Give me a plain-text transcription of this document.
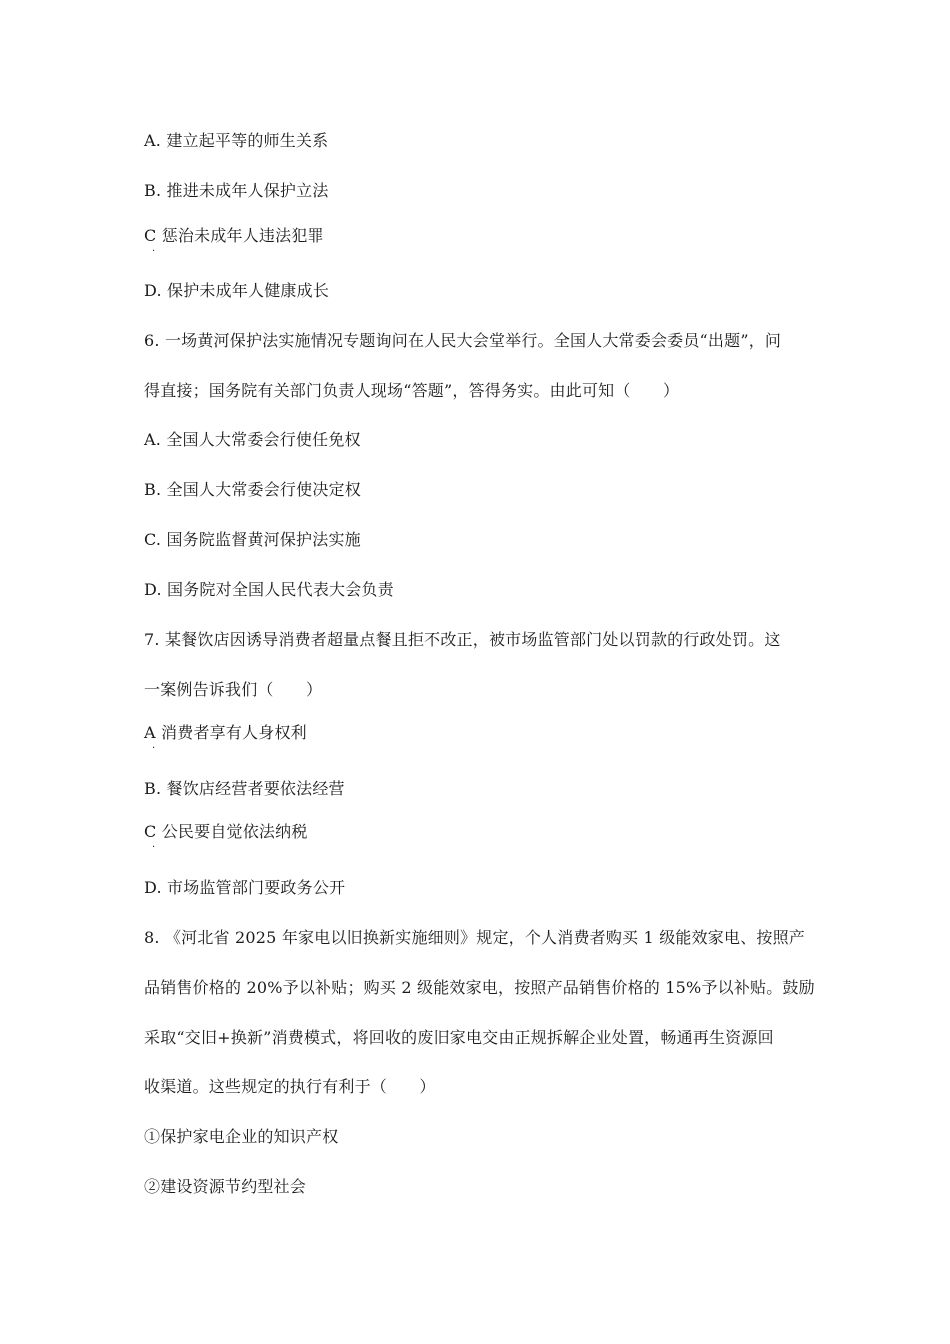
A. 建立起平等的师生关系
B. 推进未成年人保护立法
C 惩治未成年人违法犯罪
·
D. 保护未成年人健康成长
6. 一场黄河保护法实施情况专题询问在人民大会堂举行。全国人大常委会委员“出题”，问
得直接；国务院有关部门负责人现场“答题”，答得务实。由此可知（　　）
A. 全国人大常委会行使任免权
B. 全国人大常委会行使决定权
C. 国务院监督黄河保护法实施
D. 国务院对全国人民代表大会负责
7. 某餐饮店因诱导消费者超量点餐且拒不改正，被市场监管部门处以罚款的行政处罚。这
一案例告诉我们（　　）
A 消费者享有人身权利
·
B. 餐饮店经营者要依法经营
C 公民要自觉依法纳税
·
D. 市场监管部门要政务公开
8. 《河北省 2025 年家电以旧换新实施细则》规定，个人消费者购买 1 级能效家电、按照产
品销售价格的 20%予以补贴；购买 2 级能效家电，按照产品销售价格的 15%予以补贴。鼓励
采取“交旧+换新”消费模式，将回收的废旧家电交由正规拆解企业处置，畅通再生资源回
收渠道。这些规定的执行有利于（　　）
①保护家电企业的知识产权
②建设资源节约型社会
